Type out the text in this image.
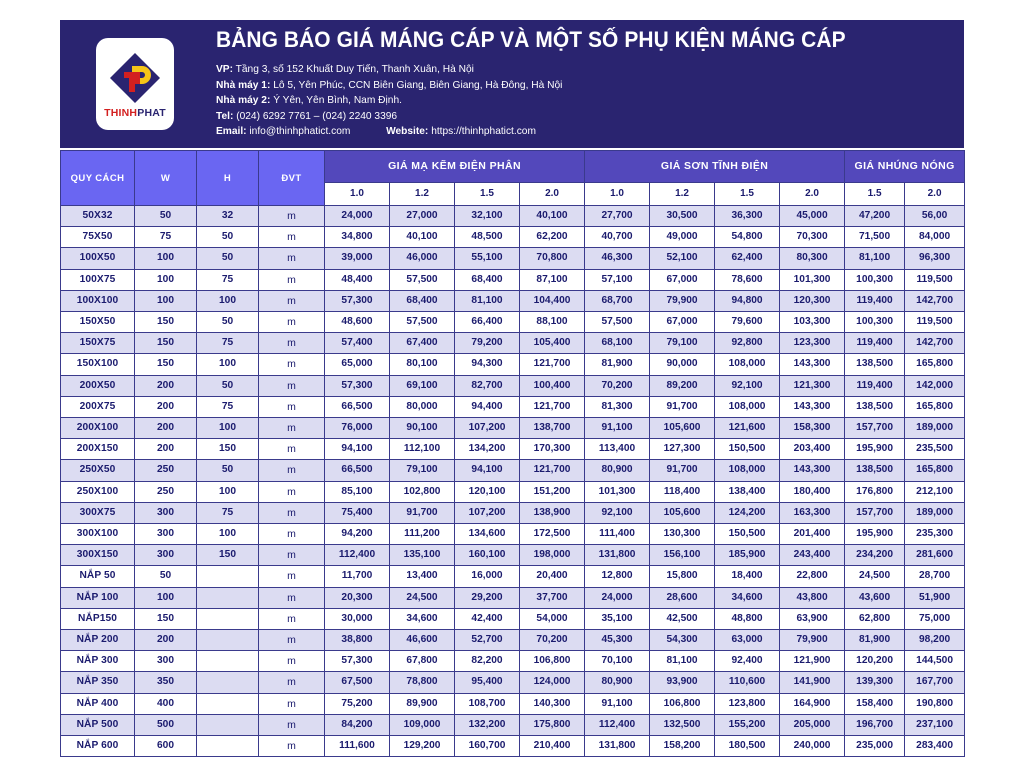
THINHPHAT
BẢNG BÁO GIÁ MÁNG CÁP VÀ MỘT SỐ PHỤ KIỆN MÁNG CÁP
VP: Tầng 3, số 152 Khuất Duy Tiến, Thanh Xuân, Hà Nội
Nhà máy 1: Lô 5, Yên Phúc, CCN Biên Giang, Biên Giang, Hà Đông, Hà Nội
Nhà máy 2: Ý Yên, Yên Bình, Nam Định.
Tel: (024) 6292 7761 – (024) 2240 3396
Email: info@thinhphatict.com	Website: https://thinhphatict.com
QUY CÁCH	W	H	ĐVT	GIÁ MẠ KẼM ĐIỆN PHÂN				GIÁ SƠN TĨNH ĐIỆN				GIÁ NHÚNG NÓNG	
				1.0	1.2	1.5	2.0	1.0	1.2	1.5	2.0	1.5	2.0
50X32	50	32	m	24,000	27,000	32,100	40,100	27,700	30,500	36,300	45,000	47,200	56,00
75X50	75	50	m	34,800	40,100	48,500	62,200	40,700	49,000	54,800	70,300	71,500	84,000
100X50	100	50	m	39,000	46,000	55,100	70,800	46,300	52,100	62,400	80,300	81,100	96,300
100X75	100	75	m	48,400	57,500	68,400	87,100	57,100	67,000	78,600	101,300	100,300	119,500
100X100	100	100	m	57,300	68,400	81,100	104,400	68,700	79,900	94,800	120,300	119,400	142,700
150X50	150	50	m	48,600	57,500	66,400	88,100	57,500	67,000	79,600	103,300	100,300	119,500
150X75	150	75	m	57,400	67,400	79,200	105,400	68,100	79,100	92,800	123,300	119,400	142,700
150X100	150	100	m	65,000	80,100	94,300	121,700	81,900	90,000	108,000	143,300	138,500	165,800
200X50	200	50	m	57,300	69,100	82,700	100,400	70,200	89,200	92,100	121,300	119,400	142,000
200X75	200	75	m	66,500	80,000	94,400	121,700	81,300	91,700	108,000	143,300	138,500	165,800
200X100	200	100	m	76,000	90,100	107,200	138,700	91,100	105,600	121,600	158,300	157,700	189,000
200X150	200	150	m	94,100	112,100	134,200	170,300	113,400	127,300	150,500	203,400	195,900	235,500
250X50	250	50	m	66,500	79,100	94,100	121,700	80,900	91,700	108,000	143,300	138,500	165,800
250X100	250	100	m	85,100	102,800	120,100	151,200	101,300	118,400	138,400	180,400	176,800	212,100
300X75	300	75	m	75,400	91,700	107,200	138,900	92,100	105,600	124,200	163,300	157,700	189,000
300X100	300	100	m	94,200	111,200	134,600	172,500	111,400	130,300	150,500	201,400	195,900	235,300
300X150	300	150	m	112,400	135,100	160,100	198,000	131,800	156,100	185,900	243,400	234,200	281,600
NẮP 50	50		m	11,700	13,400	16,000	20,400	12,800	15,800	18,400	22,800	24,500	28,700
NẮP 100	100		m	20,300	24,500	29,200	37,700	24,000	28,600	34,600	43,800	43,600	51,900
NẮP150	150		m	30,000	34,600	42,400	54,000	35,100	42,500	48,800	63,900	62,800	75,000
NẮP 200	200		m	38,800	46,600	52,700	70,200	45,300	54,300	63,000	79,900	81,900	98,200
NẮP 300	300		m	57,300	67,800	82,200	106,800	70,100	81,100	92,400	121,900	120,200	144,500
NẮP 350	350		m	67,500	78,800	95,400	124,000	80,900	93,900	110,600	141,900	139,300	167,700
NẮP 400	400		m	75,200	89,900	108,700	140,300	91,100	106,800	123,800	164,900	158,400	190,800
NẮP 500	500		m	84,200	109,000	132,200	175,800	112,400	132,500	155,200	205,000	196,700	237,100
NẮP 600	600		m	111,600	129,200	160,700	210,400	131,800	158,200	180,500	240,000	235,000	283,400
